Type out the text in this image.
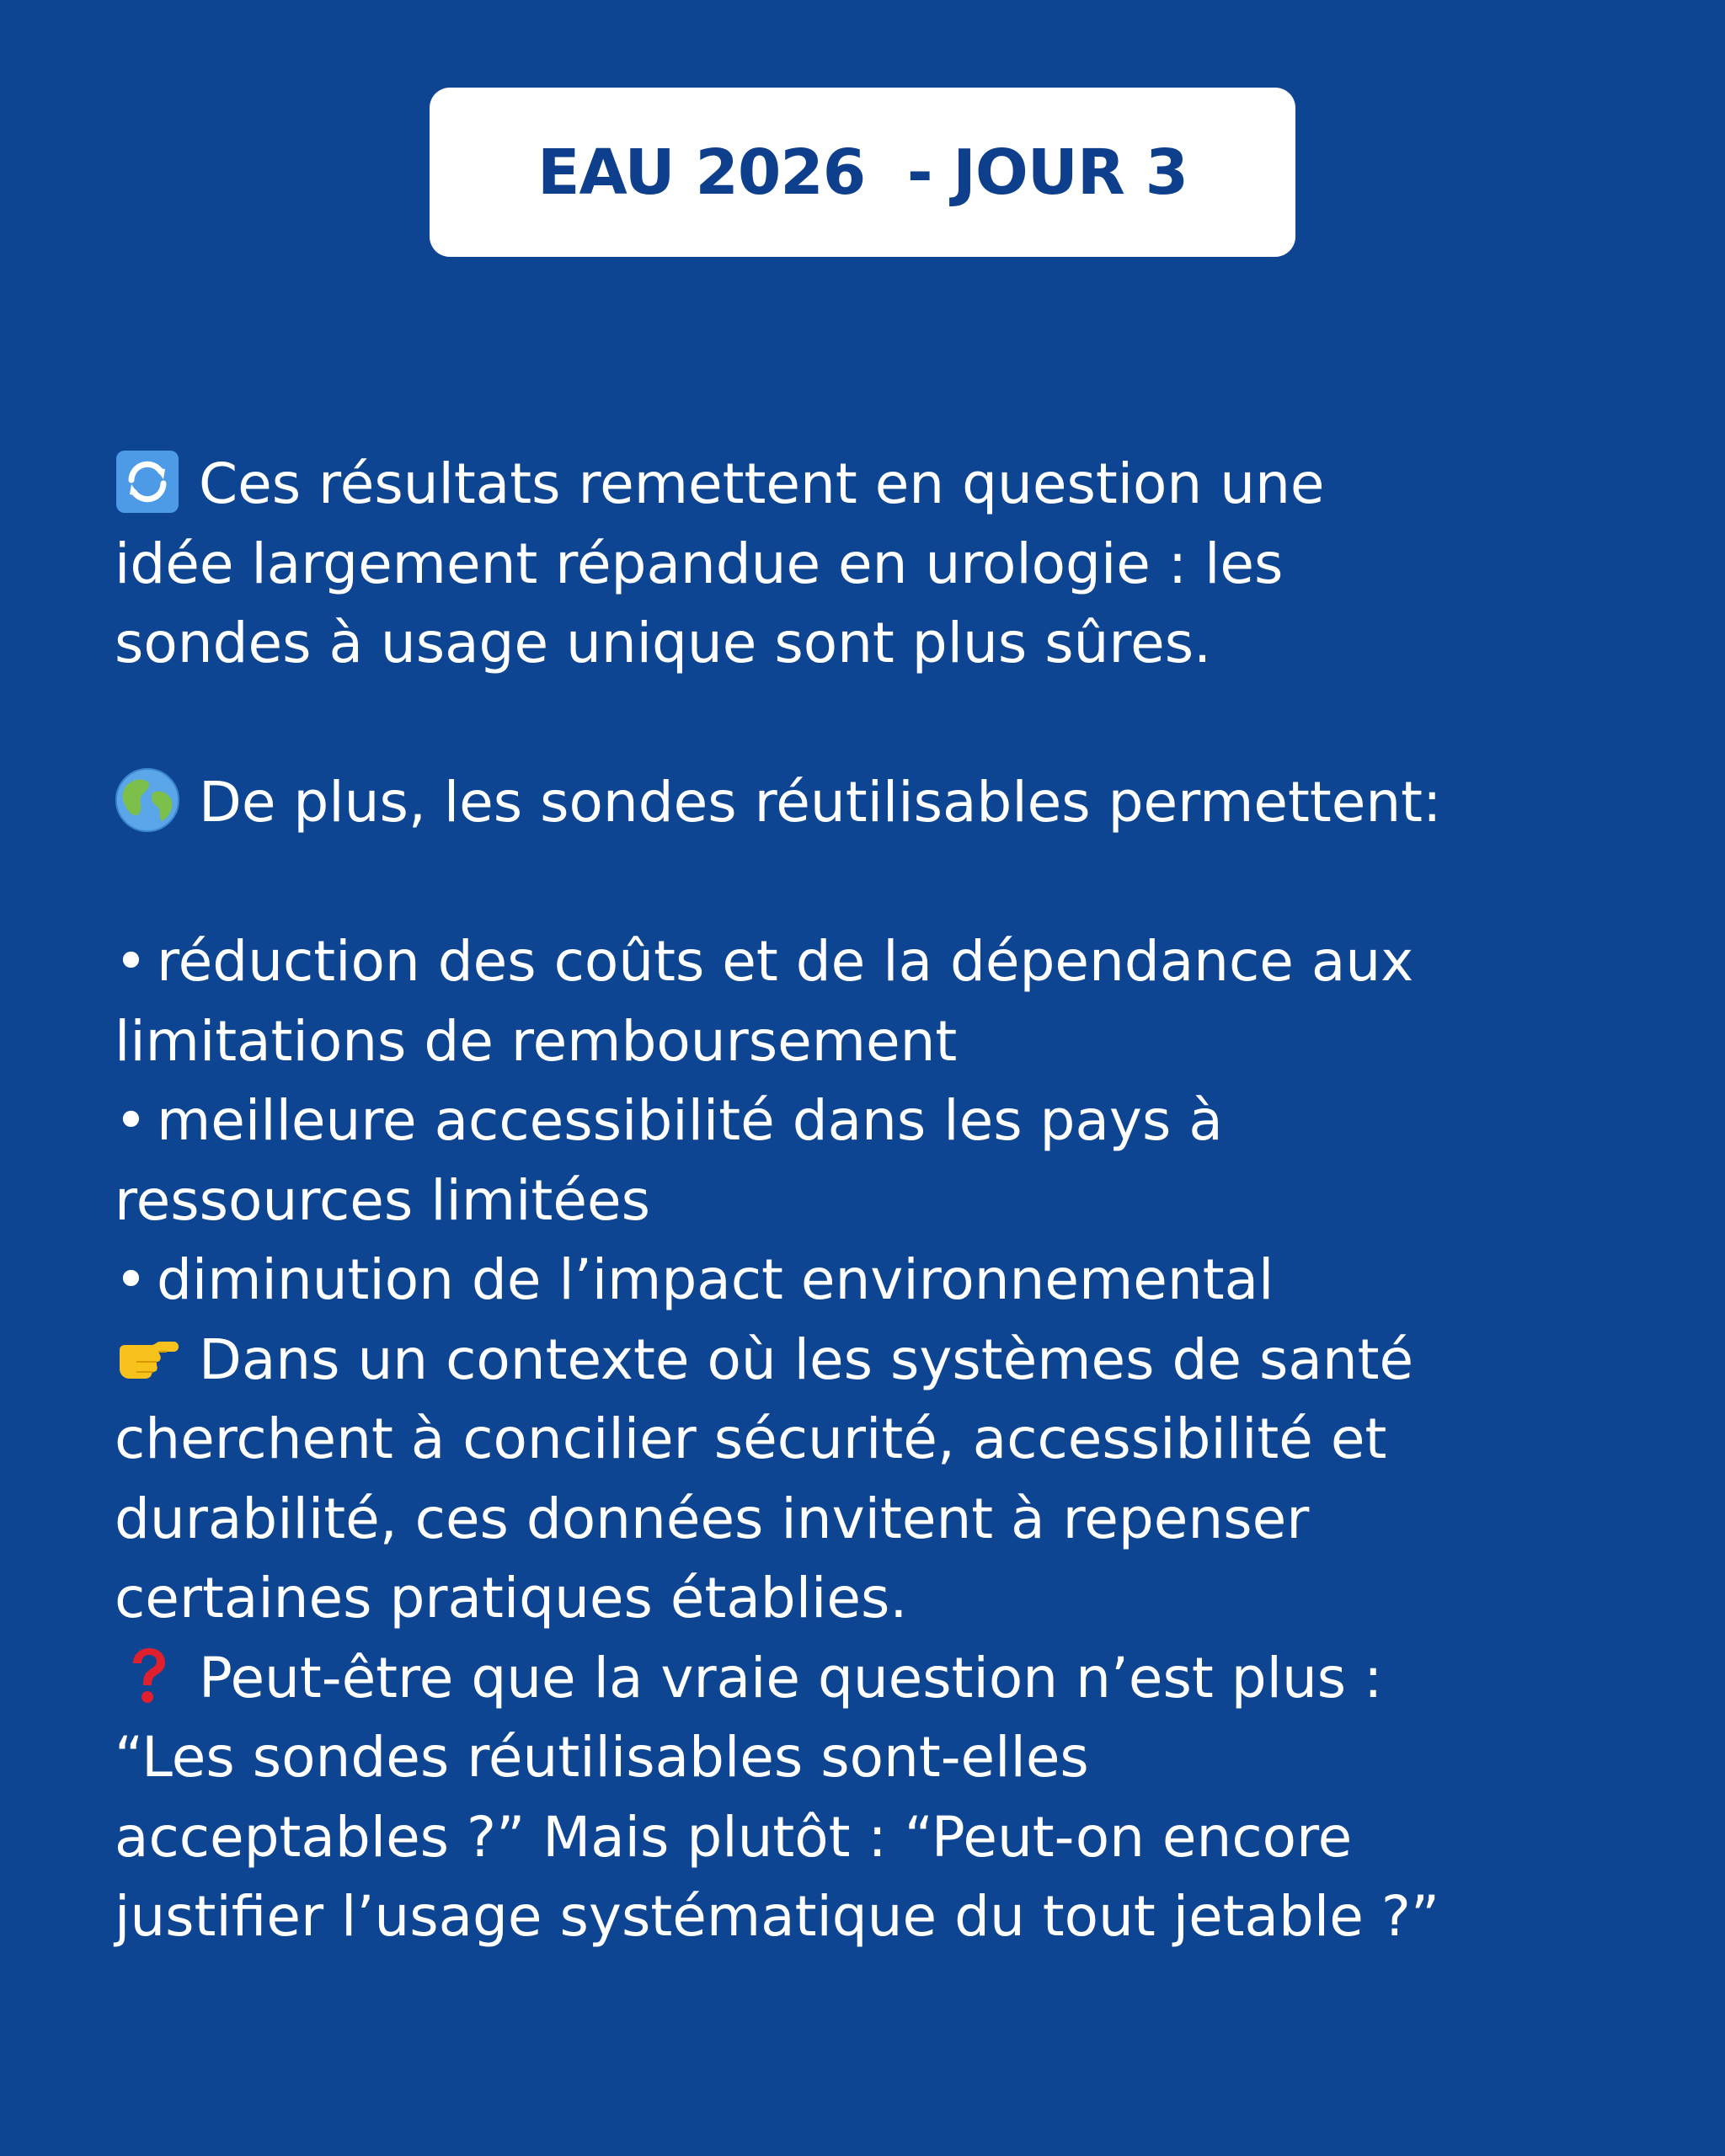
EAU 2026  - JOUR 3
Ces résultats remettent en question une
idée largement répandue en urologie : les
sondes à usage unique sont plus sûres.
De plus, les sondes réutilisables permettent:
• réduction des coûts et de la dépendance aux
limitations de remboursement
• meilleure accessibilité dans les pays à
ressources limitées
• diminution de l’impact environnemental
Dans un contexte où les systèmes de santé
cherchent à concilier sécurité, accessibilité et
durabilité, ces données invitent à repenser
certaines pratiques établies.
Peut-être que la vraie question n’est plus :
“Les sondes réutilisables sont-elles
acceptables ?” Mais plutôt : “Peut-on encore
justifier l’usage systématique du tout jetable ?”
